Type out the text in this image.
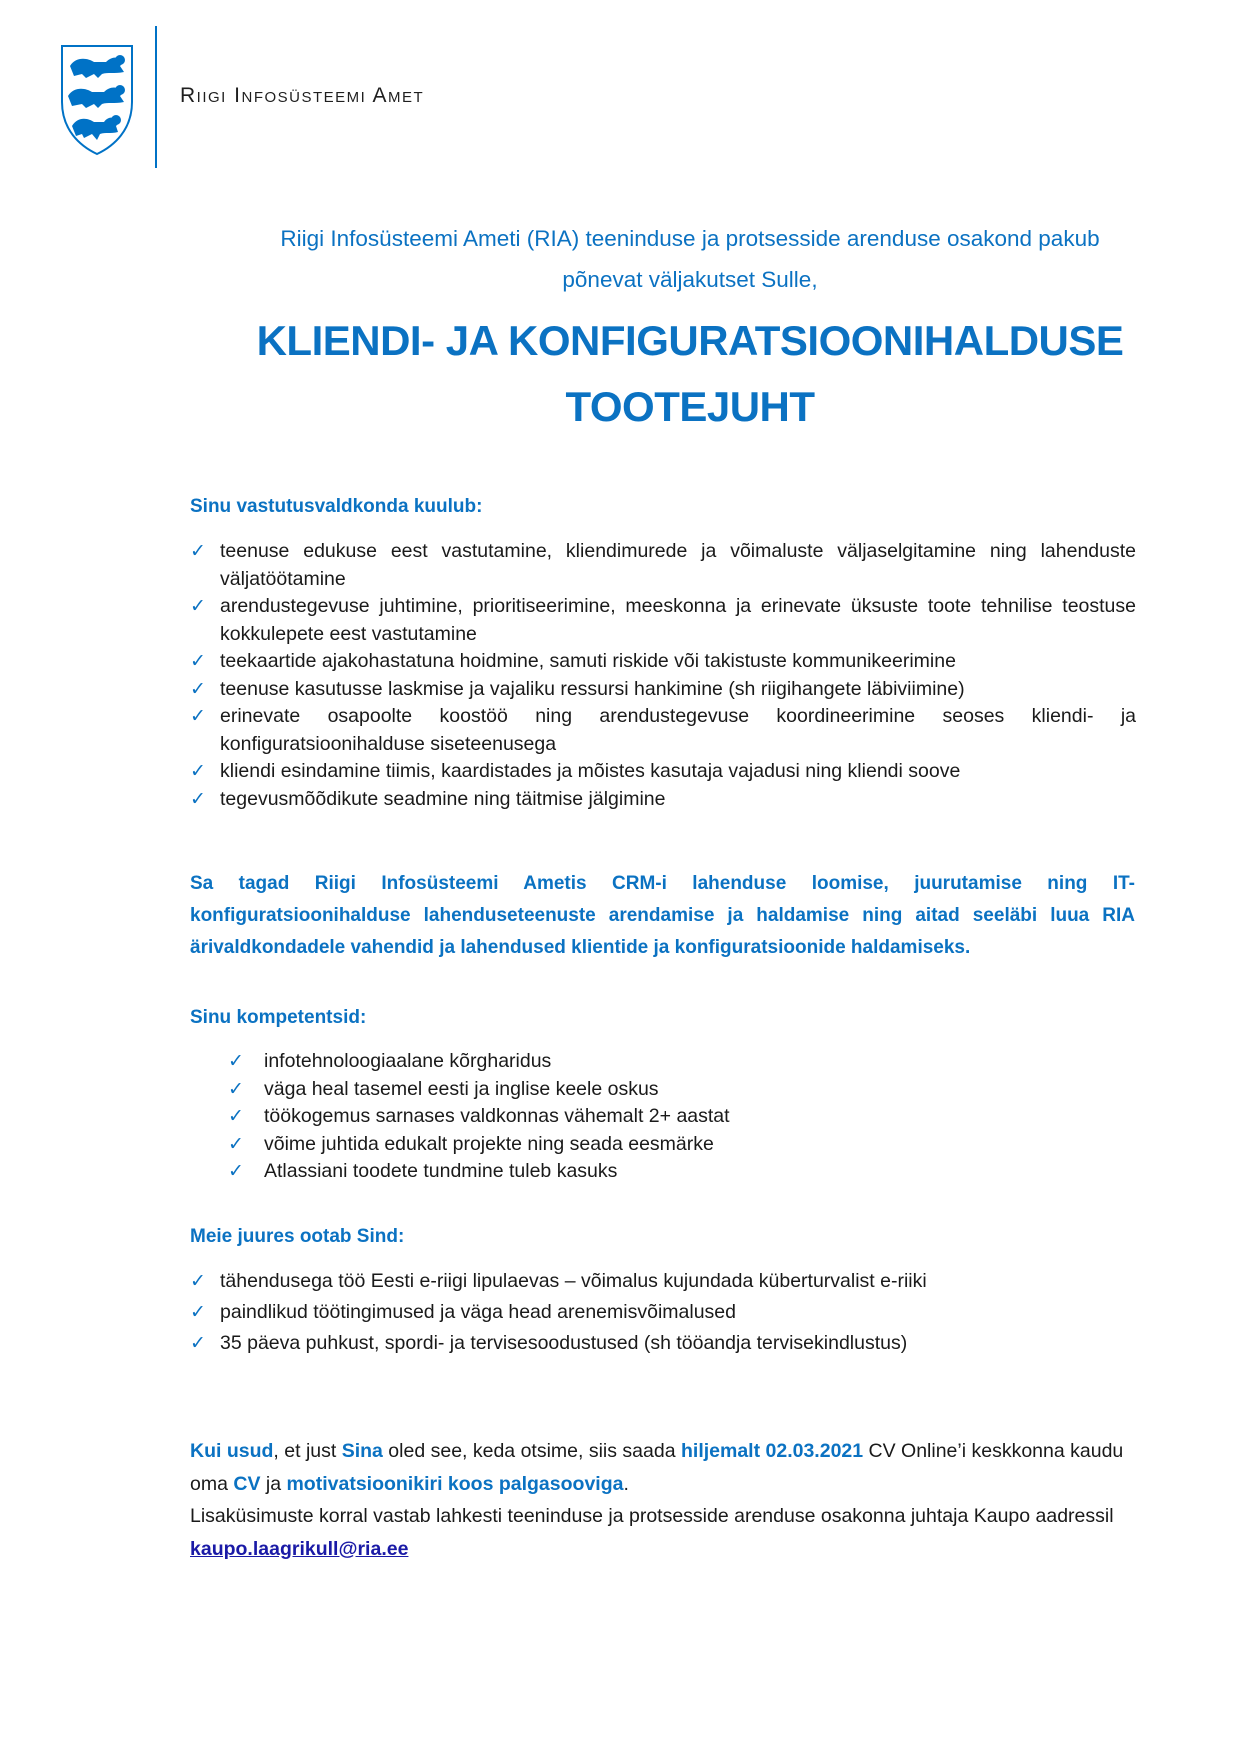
Riigi Infosüsteemi Amet
Riigi Infosüsteemi Ameti (RIA) teeninduse ja protsesside arenduse osakond pakub
põnevat väljakutset Sulle,
KLIENDI- JA KONFIGURATSIOONIHALDUSE
TOOTEJUHT
Sinu vastutusvaldkonda kuulub:
✓ teenuse edukuse eest vastutamine, kliendimurede ja võimaluste väljaselgitamine ning lahenduste väljatöötamine
✓ arendustegevuse juhtimine, prioritiseerimine, meeskonna ja erinevate üksuste toote tehnilise teostuse kokkulepete eest vastutamine
✓ teekaartide ajakohastatuna hoidmine, samuti riskide või takistuste kommunikeerimine
✓ teenuse kasutusse laskmise ja vajaliku ressursi hankimine (sh riigihangete läbiviimine)
✓ erinevate osapoolte koostöö ning arendustegevuse koordineerimine seoses kliendi- ja konfiguratsioonihalduse siseteenusega
✓ kliendi esindamine tiimis, kaardistades ja mõistes kasutaja vajadusi ning kliendi soove
✓ tegevusmõõdikute seadmine ning täitmise jälgimine
Sa tagad Riigi Infosüsteemi Ametis CRM-i lahenduse loomise, juurutamise ning IT-konfiguratsioonihalduse lahenduseteenuste arendamise ja haldamise ning aitad seeläbi luua RIA ärivaldkondadele vahendid ja lahendused klientide ja konfiguratsioonide haldamiseks.
Sinu kompetentsid:
✓ infotehnoloogiaalane kõrgharidus
✓ väga heal tasemel eesti ja inglise keele oskus
✓ töökogemus sarnases valdkonnas vähemalt 2+ aastat
✓ võime juhtida edukalt projekte ning seada eesmärke
✓ Atlassiani toodete tundmine tuleb kasuks
Meie juures ootab Sind:
✓ tähendusega töö Eesti e-riigi lipulaevas – võimalus kujundada küberturvalist e-riiki
✓ paindlikud töötingimused ja väga head arenemisvõimalused
✓ 35 päeva puhkust, spordi- ja tervisesoodustused (sh tööandja tervisekindlustus)
Kui usud, et just Sina oled see, keda otsime, siis saada hiljemalt 02.03.2021 CV Online’i keskkonna kaudu oma CV ja motivatsioonikiri koos palgasooviga.
Lisaküsimuste korral vastab lahkesti teeninduse ja protsesside arenduse osakonna juhtaja Kaupo aadressil kaupo.laagrikull@ria.ee
